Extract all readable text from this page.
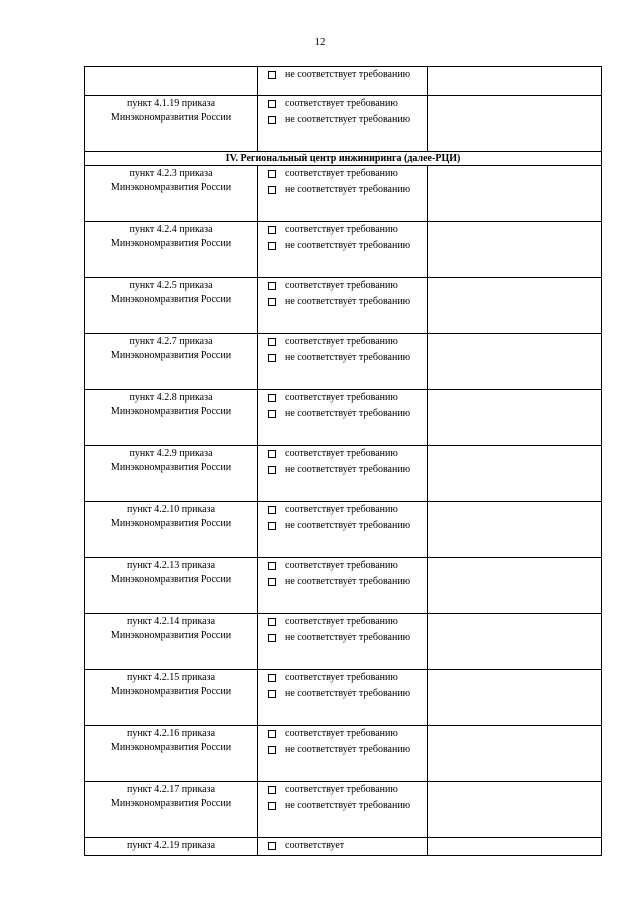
12

	не соответствует требованию	

пункт 4.1.19 приказа Минэкономразвития России	соответствует требованию
не соответствует требованию	

IV. Региональный центр инжиниринга (далее-РЦИ)		
пункт 4.2.3 приказа Минэкономразвития России	соответствует требованию
не соответствует требованию	

пункт 4.2.4 приказа Минэкономразвития России	соответствует требованию
не соответствует требованию	

пункт 4.2.5 приказа Минэкономразвития России	соответствует требованию
не соответствует требованию	

пункт 4.2.7 приказа Минэкономразвития России	соответствует требованию
не соответствует требованию	

пункт 4.2.8 приказа Минэкономразвития России	соответствует требованию
не соответствует требованию	

пункт 4.2.9 приказа Минэкономразвития России	соответствует требованию
не соответствует требованию	

пункт 4.2.10 приказа Минэкономразвития России	соответствует требованию
не соответствует требованию	

пункт 4.2.13 приказа Минэкономразвития России	соответствует требованию
не соответствует требованию	

пункт 4.2.14 приказа Минэкономразвития России	соответствует требованию
не соответствует требованию	

пункт 4.2.15 приказа Минэкономразвития России	соответствует требованию
не соответствует требованию	

пункт 4.2.16 приказа Минэкономразвития России	соответствует требованию
не соответствует требованию	

пункт 4.2.17 приказа Минэкономразвития России	соответствует требованию
не соответствует требованию	

пункт 4.2.19 приказа	соответствует	
